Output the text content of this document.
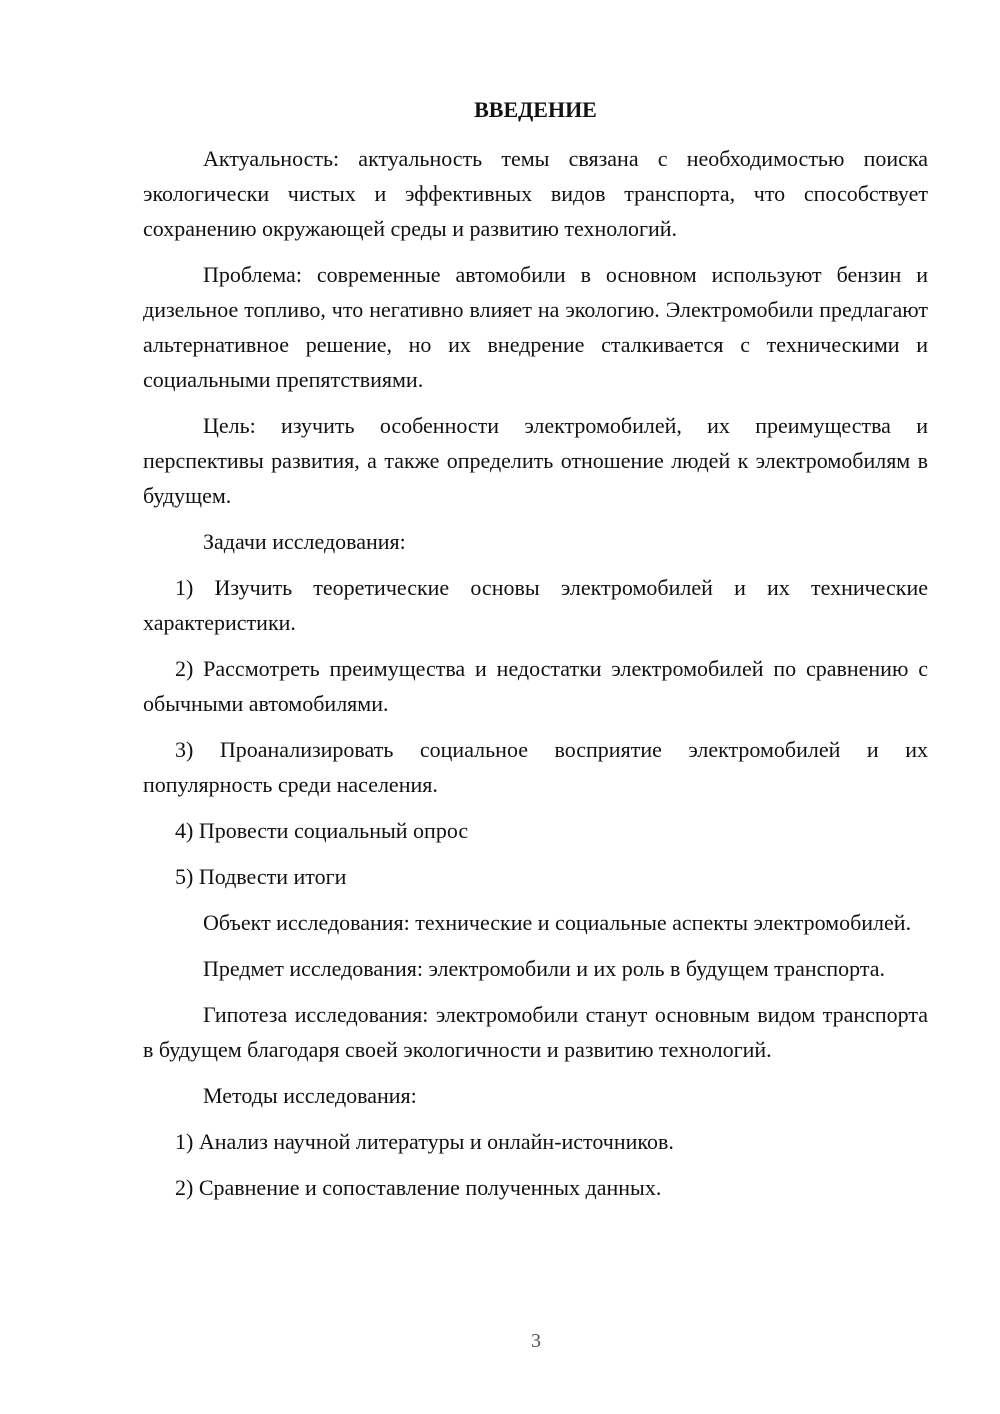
ВВЕДЕНИЕ

Актуальность: актуальность темы связана с необходимостью поиска экологически чистых и эффективных видов транспорта, что способствует сохранению окружающей среды и развитию технологий.

Проблема: современные автомобили в основном используют бензин и дизельное топливо, что негативно влияет на экологию. Электромобили предлагают альтернативное решение, но их внедрение сталкивается с техническими и социальными препятствиями.

Цель: изучить особенности электромобилей, их преимущества и перспективы развития, а также определить отношение людей к электромобилям в будущем.

Задачи исследования:

1) Изучить теоретические основы электромобилей и их технические характеристики.

2) Рассмотреть преимущества и недостатки электромобилей по сравнению с обычными автомобилями.

3) Проанализировать социальное восприятие электромобилей и их популярность среди населения.

4) Провести социальный опрос

5) Подвести итоги

Объект исследования: технические и социальные аспекты электромобилей.

Предмет исследования: электромобили и их роль в будущем транспорта.

Гипотеза исследования: электромобили станут основным видом транспорта в будущем благодаря своей экологичности и развитию технологий.

Методы исследования:

1) Анализ научной литературы и онлайн-источников.

2) Сравнение и сопоставление полученных данных.

3
